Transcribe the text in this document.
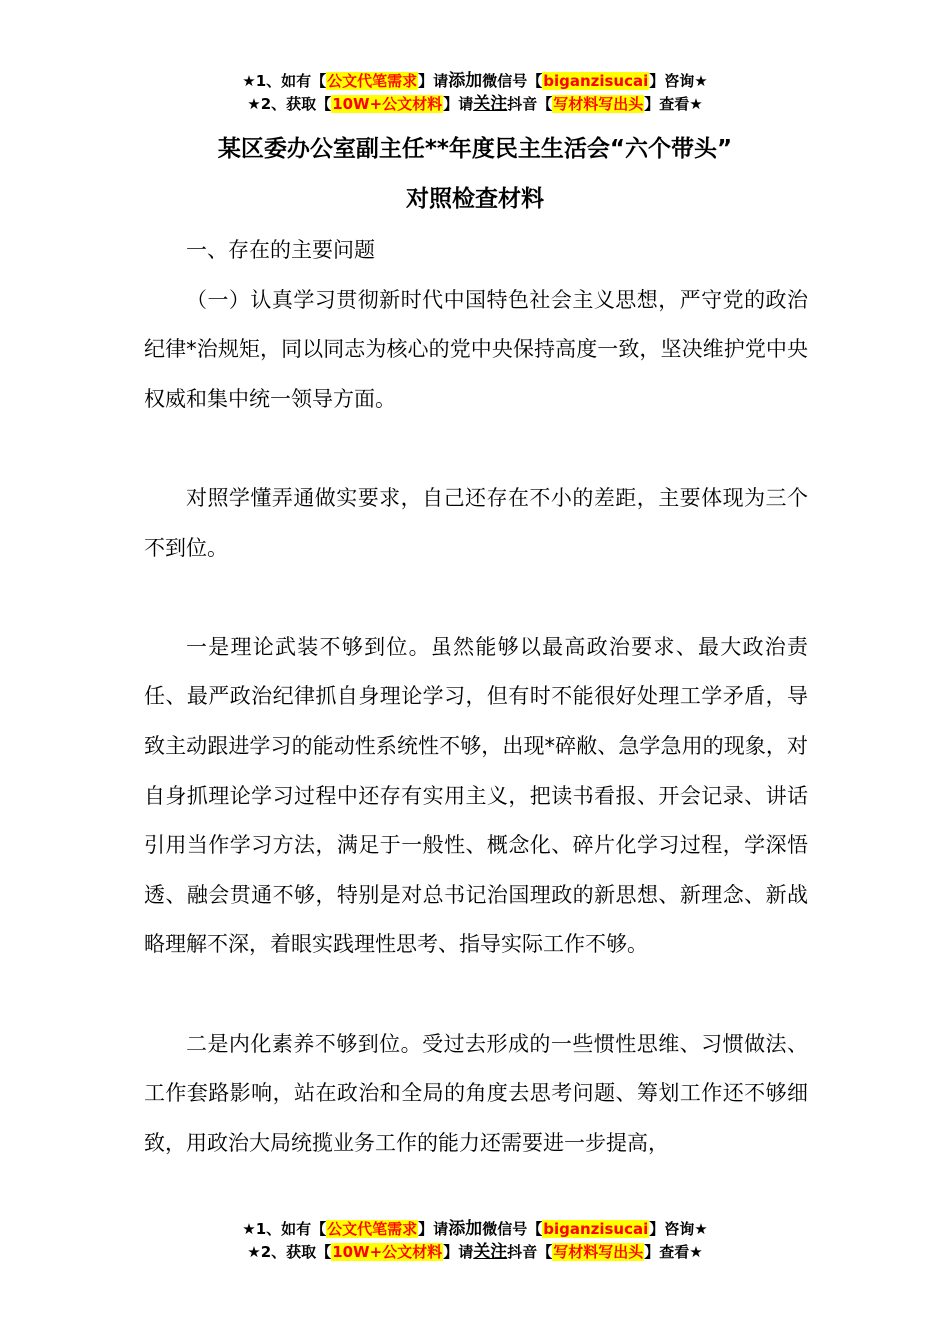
★1、如有【公文代笔需求】请添加微信号【biganzisucai】咨询★
★2、获取【10W+公文材料】请关注抖音【写材料写出头】查看★
某区委办公室副主任**年度民主生活会“六个带头”
对照检查材料

一、存在的主要问题

（一）认真学习贯彻新时代中国特色社会主义思想，严守党的政治纪律*治规矩，同以同志为核心的党中央保持高度一致，坚决维护党中央权威和集中统一领导方面。

对照学懂弄通做实要求，自己还存在不小的差距，主要体现为三个不到位。

一是理论武装不够到位。虽然能够以最高政治要求、最大政治责任、最严政治纪律抓自身理论学习，但有时不能很好处理工学矛盾，导致主动跟进学习的能动性系统性不够，出现*碎敝、急学急用的现象，对自身抓理论学习过程中还存有实用主义，把读书看报、开会记录、讲话引用当作学习方法，满足于一般性、概念化、碎片化学习过程，学深悟透、融会贯通不够，特别是对总书记治国理政的新思想、新理念、新战略理解不深，着眼实践理性思考、指导实际工作不够。

二是内化素养不够到位。受过去形成的一些惯性思维、习惯做法、工作套路影响，站在政治和全局的角度去思考问题、筹划工作还不够细致，用政治大局统揽业务工作的能力还需要进一步提高，

★1、如有【公文代笔需求】请添加微信号【biganzisucai】咨询★
★2、获取【10W+公文材料】请关注抖音【写材料写出头】查看★
